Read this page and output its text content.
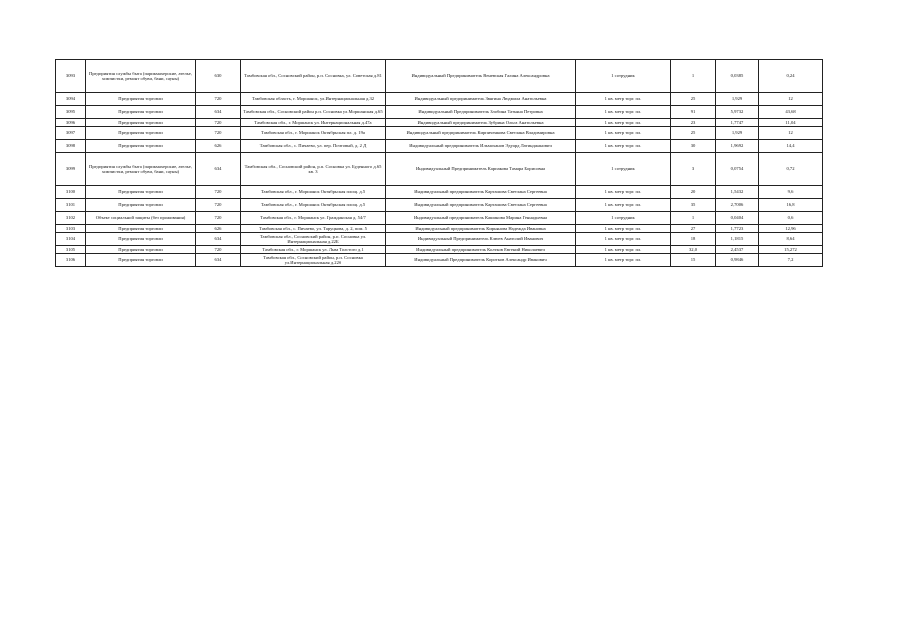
3093	Предприятия службы быта (парикмахерские, ателье, химчистки, ремонт обуви, бани, сауны)	630	Тамбовская обл., Сосновский район, р.п. Сосновка, ул. Советская д.81	Индивидуальный Предприниматель Веневская Галина Александровна	1 сотрудник	1	0,0385	0,24
3094	Предприятия торговли	720	Тамбовская область, г. Моршанск, ул.Интернациональная д.32	Индивидуальный предприниматель Звягина Людмила Анатольевна	1 кв. метр торг. пл.	25	1,929	12
3095	Предприятия торговли	634	Тамбовская обл., Сосновский район р.п. Сосновка ул.Моршанская д.65	Индивидуальный Предприниматель Злобина Татьяна Петровна	1 кв. метр торг. пл.	91	5,9732	43,68
3096	Предприятия торговли	720	Тамбовская обл., г. Моршанск ул. Интернациональная д.47а	Индивидуальный предприниматель Зубрина Ольга Анатольевна	1 кв. метр торг. пл.	23	1,7747	11,04
3097	Предприятия торговли	720	Тамбовская обл., г. Моршанск Октябрьская пл. д. 19а	Индивидуальный предприниматель Кирпиченкова Светлана Владимировна	1 кв. метр торг. пл.	25	1,929	12
3098	Предприятия торговли	626	Тамбовская обл., с. Пичаево, ул. пер. Почтовый, д. 2 Д	Индивидуальный предприниматель Ильмоханов Эдуард Латинджанович	1 кв. метр торг. пл.	30	1,9692	14,4
3099	Предприятия службы быта (парикмахерские, ателье, химчистки, ремонт обуви, бани, сауны)	634	Тамбовская обл., Сосновский район, р.п. Сосновка ул. Буденного д.65 кв. 3	Индивидуальный Предприниматель Карпакова Тамара Борисовна	1 сотрудник	3	0,0754	0,72
3100	Предприятия торговли	720	Тамбовская обл., г. Моршанск Октябрьская площ. д.5	Индивидуальный предприниматель Карташова Светлана Сергеевна	1 кв. метр торг. пл.	20	1,5432	9,6
3101	Предприятия торговли	720	Тамбовская обл., г. Моршанск Октябрьская площ. д.5	Индивидуальный предприниматель Карташова Светлана Сергеевна	1 кв. метр торг. пл.	35	2,7006	16,8
3102	Объект социальной защиты (без проживания)	720	Тамбовская обл., г. Моршанск ул. Гражданская д. 54/7	Индивидуальный предприниматель Кашинова Марина Геннадьевна	1 сотрудник	1	0,0404	0,6
3103	Предприятия торговли	626	Тамбовская обл., с. Пичаево, ул. Таруцкова, д. 2, пом. 5	Индивидуальный предприниматель Кирьянова Надежда Ивановна	1 кв. метр торг. пл.	27	1,7723	12,96
3104	Предприятия торговли	634	Тамбовская обл., Сосновский район, р.п. Сосновка ул. Интернациональная д.22Б	Индивидуальный Предприниматель Клюев Анатолий Иванович	1 кв. метр торг. пл.	18	1,1815	8,64
3105	Предприятия торговли	720	Тамбовская обл., г. Моршанск ул. Льва Толстого д.1	Индивидуальный предприниматель Колтков Евгений Николаевич	1 кв. метр торг. пл.	32,0	2,4537	15,272
3106	Предприятия торговли	634	Тамбовская обл., Сосновский район, р.п. Сосновка ул.Интернациональная д.22б	Индивидуальный Предприниматель Коротков Александр Иванович	1 кв. метр торг. пл.	15	0,9846	7,2
